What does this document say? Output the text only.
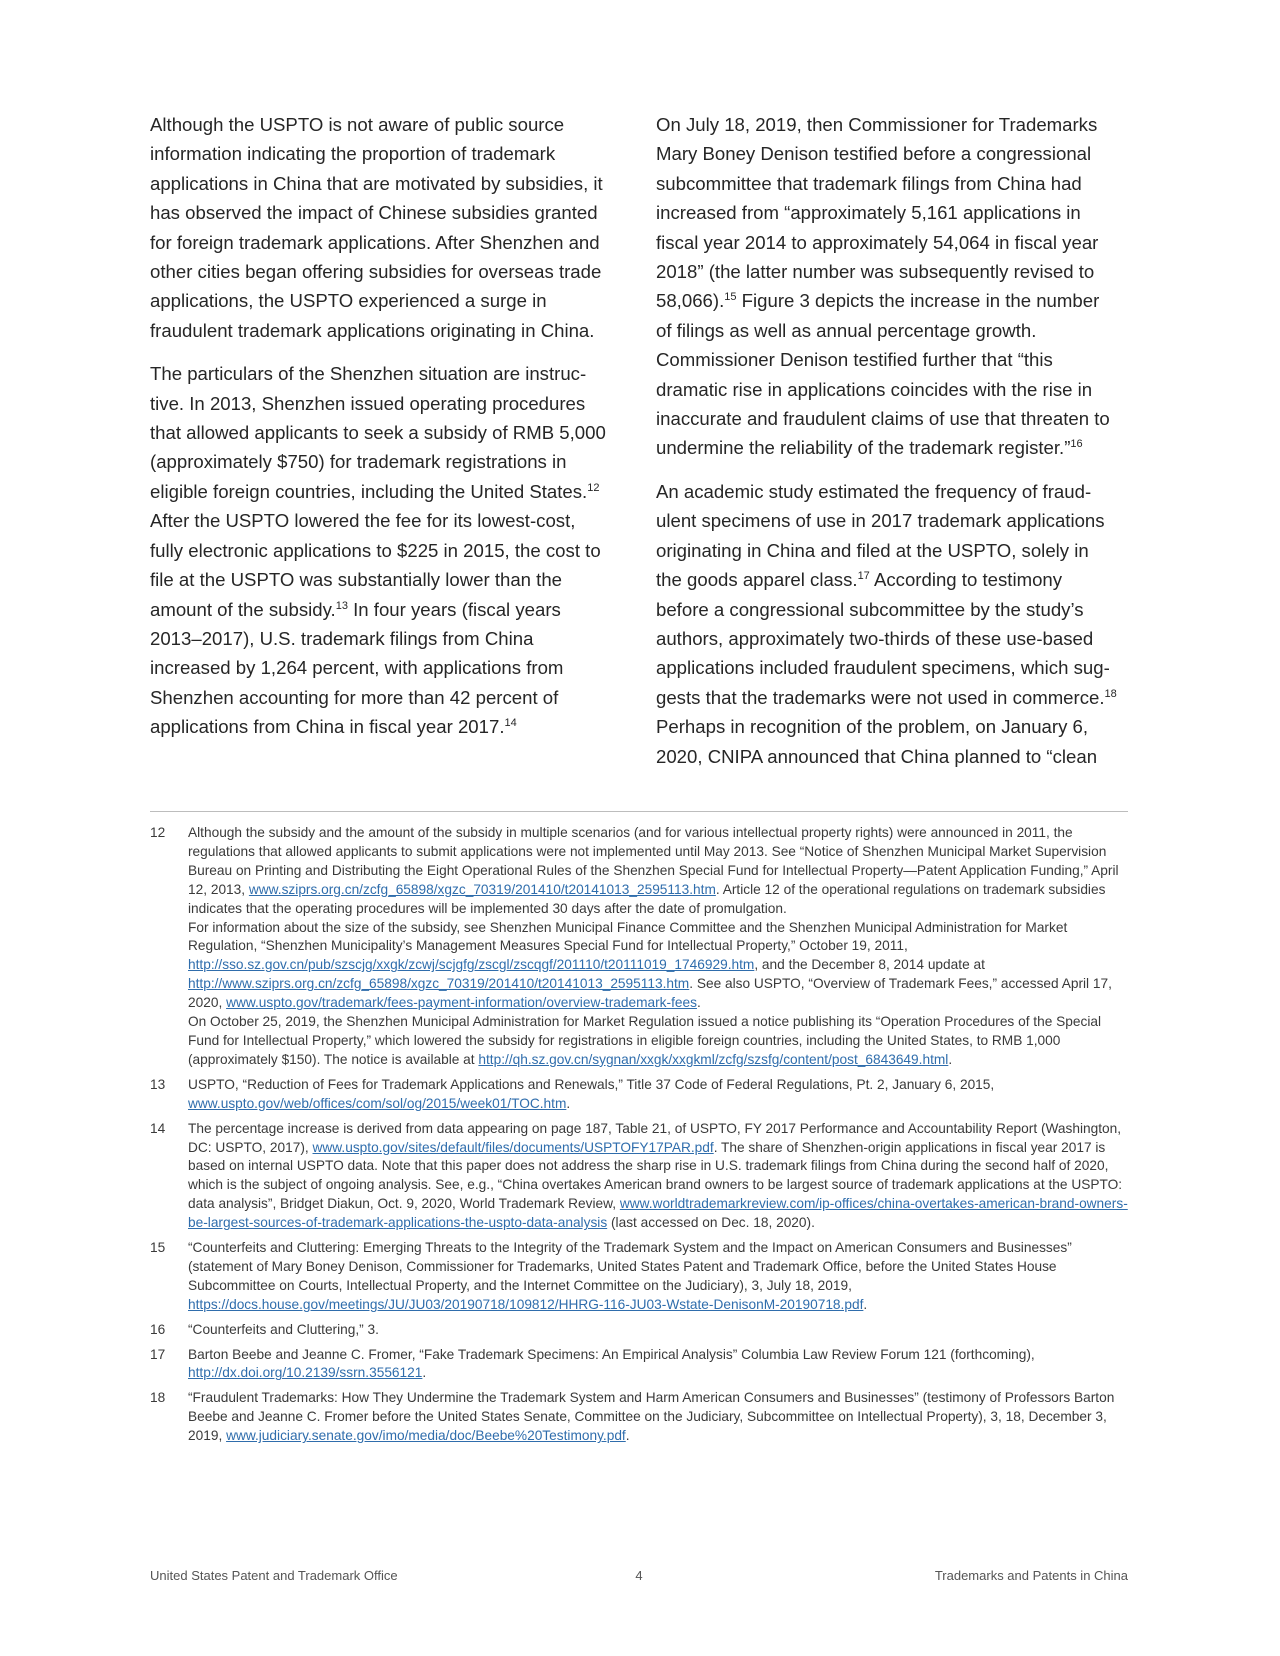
Although the USPTO is not aware of public source information indicating the proportion of trademark applications in China that are motivated by subsidies, it has observed the impact of Chinese subsidies granted for foreign trademark applications. After Shenzhen and other cities began offering subsidies for overseas trade applications, the USPTO experienced a surge in fraudulent trademark applications originating in China.

The particulars of the Shenzhen situation are instructive. In 2013, Shenzhen issued operating procedures that allowed applicants to seek a subsidy of RMB 5,000 (approximately $750) for trademark registrations in eligible foreign countries, including the United States.$^{12}$ After the USPTO lowered the fee for its lowest-cost, fully electronic applications to $225 in 2015, the cost to file at the USPTO was substantially lower than the amount of the subsidy.$^{13}$ In four years (fiscal years 2013–2017), U.S. trademark filings from China increased by 1,264 percent, with applications from Shenzhen accounting for more than 42 percent of applications from China in fiscal year 2017.14

On July 18, 2019, then Commissioner for Trademarks Mary Boney Denison testified before a congressional subcommittee that trademark filings from China had increased from “approximately 5,161 applications in fiscal year 2014 to approximately 54,064 in fiscal year 2018” (the latter number was subsequently revised to 58,066).$^{15}$ Figure 3 depicts the increase in the number of filings as well as annual percentage growth. Commissioner Denison testified further that “this dramatic rise in applications coincides with the rise in inaccurate and fraudulent claims of use that threaten to undermine the reliability of the trademark register.”$^{16}$

An academic study estimated the frequency of fraudulent specimens of use in 2017 trademark applications originating in China and filed at the USPTO, solely in the goods apparel class.$^{17}$ According to testimony before a congressional subcommittee by the study’s authors, approximately two-thirds of these use-based applications included fraudulent specimens, which suggests that the trademarks were not used in commerce.$^{18}$ Perhaps in recognition of the problem, on January 6, 2020, CNIPA announced that China planned to “clean

12	Although the subsidy and the amount of the subsidy in multiple scenarios (and for various intellectual property rights) were announced in 2011, the regulations that allowed applicants to submit applications were not implemented until May 2013. See “Notice of Shenzhen Municipal Market Supervision Bureau on Printing and Distributing the Eight Operational Rules of the Shenzhen Special Fund for Intellectual Property—Patent Application Funding,” April 12, 2013, www.sziprs.org.cn/zcfg_65898/xgzc_70319/201410/t20141013_2595113.htm. Article 12 of the operational regulations on trademark subsidies indicates that the operating procedures will be implemented 30 days after the date of promulgation.
For information about the size of the subsidy, see Shenzhen Municipal Finance Committee and the Shenzhen Municipal Administration for Market Regulation, “Shenzhen Municipality’s Management Measures Special Fund for Intellectual Property,” October 19, 2011, http://sso.sz.gov.cn/pub/szscjg/xxgk/zcwj/scjgfg/zscgl/zscqgf/201110/t20111019_1746929.htm, and the December 8, 2014 update at http://www.sziprs.org.cn/zcfg_65898/xgzc_70319/201410/t20141013_2595113.htm. See also USPTO, “Overview of Trademark Fees,” accessed April 17, 2020, www.uspto.gov/trademark/fees-payment-information/overview-trademark-fees.
On October 25, 2019, the Shenzhen Municipal Administration for Market Regulation issued a notice publishing its “Operation Procedures of the Special Fund for Intellectual Property,” which lowered the subsidy for registrations in eligible foreign countries, including the United States, to RMB 1,000 (approximately $150). The notice is available at http://qh.sz.gov.cn/sygnan/xxgk/xxgkml/zcfg/szsfg/content/post_6843649.html.
13	USPTO, “Reduction of Fees for Trademark Applications and Renewals,” Title 37 Code of Federal Regulations, Pt. 2, January 6, 2015, www.uspto.gov/web/offices/com/sol/og/2015/week01/TOC.htm.
14	The percentage increase is derived from data appearing on page 187, Table 21, of USPTO, FY 2017 Performance and Accountability Report (Washington, DC: USPTO, 2017), www.uspto.gov/sites/default/files/documents/USPTOFY17PAR.pdf. The share of Shenzhen-origin applications in fiscal year 2017 is based on internal USPTO data. Note that this paper does not address the sharp rise in U.S. trademark filings from China during the second half of 2020, which is the subject of ongoing analysis. See, e.g., “China overtakes American brand owners to be largest source of trademark applications at the USPTO: data analysis”, Bridget Diakun, Oct. 9, 2020, World Trademark Review, www.worldtrademarkreview.com/ip-offices/china-overtakes-american-brand-owners-be-largest-sources-of-trademark-applications-the-uspto-data-analysis (last accessed on Dec. 18, 2020).
15	“Counterfeits and Cluttering: Emerging Threats to the Integrity of the Trademark System and the Impact on American Consumers and Businesses” (statement of Mary Boney Denison, Commissioner for Trademarks, United States Patent and Trademark Office, before the United States House Subcommittee on Courts, Intellectual Property, and the Internet Committee on the Judiciary), 3, July 18, 2019, https://docs.house.gov/meetings/JU/JU03/20190718/109812/HHRG-116-JU03-Wstate-DenisonM-20190718.pdf.
16	“Counterfeits and Cluttering,” 3.
17	Barton Beebe and Jeanne C. Fromer, “Fake Trademark Specimens: An Empirical Analysis” Columbia Law Review Forum 121 (forthcoming), http://dx.doi.org/10.2139/ssrn.3556121.
18	“Fraudulent Trademarks: How They Undermine the Trademark System and Harm American Consumers and Businesses” (testimony of Professors Barton Beebe and Jeanne C. Fromer before the United States Senate, Committee on the Judiciary, Subcommittee on Intellectual Property), 3, 18, December 3, 2019, www.judiciary.senate.gov/imo/media/doc/Beebe%20Testimony.pdf.
United States Patent and Trademark Office	4	Trademarks and Patents in China
